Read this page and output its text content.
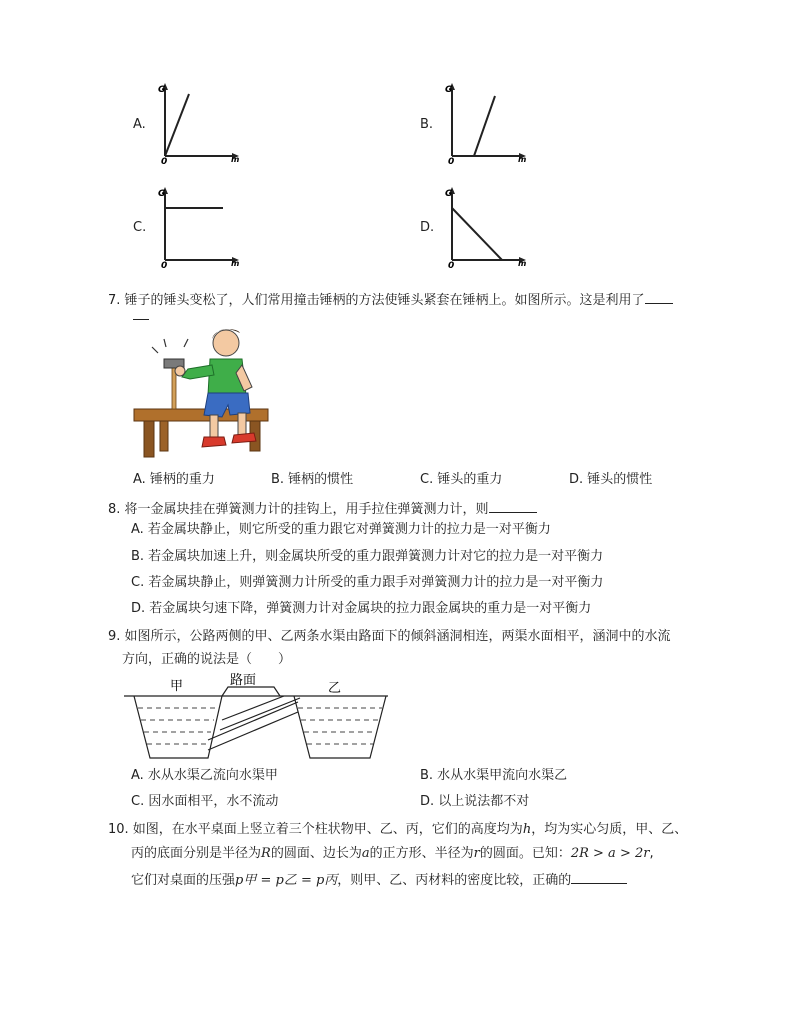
A.
G
m
0
B.
G
m
0
C.
G
m
0
D.
G
m
0
7. 锤子的锤头变松了，人们常用撞击锤柄的方法使锤头紧套在锤柄上。如图所示。这是利用了
A. 锤柄的重力	B. 锤柄的惯性	C. 锤头的重力	D. 锤头的惯性
8. 将一金属块挂在弹簧测力计的挂钩上，用手拉住弹簧测力计，则
A. 若金属块静止，则它所受的重力跟它对弹簧测力计的拉力是一对平衡力
B. 若金属块加速上升，则金属块所受的重力跟弹簧测力计对它的拉力是一对平衡力
C. 若金属块静止，则弹簧测力计所受的重力跟手对弹簧测力计的拉力是一对平衡力
D. 若金属块匀速下降，弹簧测力计对金属块的拉力跟金属块的重力是一对平衡力
9. 如图所示，公路两侧的甲、乙两条水渠由路面下的倾斜涵洞相连，两渠水面相平，涵洞中的水流
方向，正确的说法是（　　）
甲	路面
乙
A. 水从水渠乙流向水渠甲	B. 水从水渠甲流向水渠乙
C. 因水面相平，水不流动	D. 以上说法都不对
10. 如图，在水平桌面上竖立着三个柱状物甲、乙、丙，它们的高度均为h，均为实心匀质，甲、乙、
丙的底面分别是半径为R的圆面、边长为a的正方形、半径为r的圆面。已知：2R > a > 2r,
它们对桌面的压强p甲 = p乙 = p丙，则甲、乙、丙材料的密度比较，正确的
